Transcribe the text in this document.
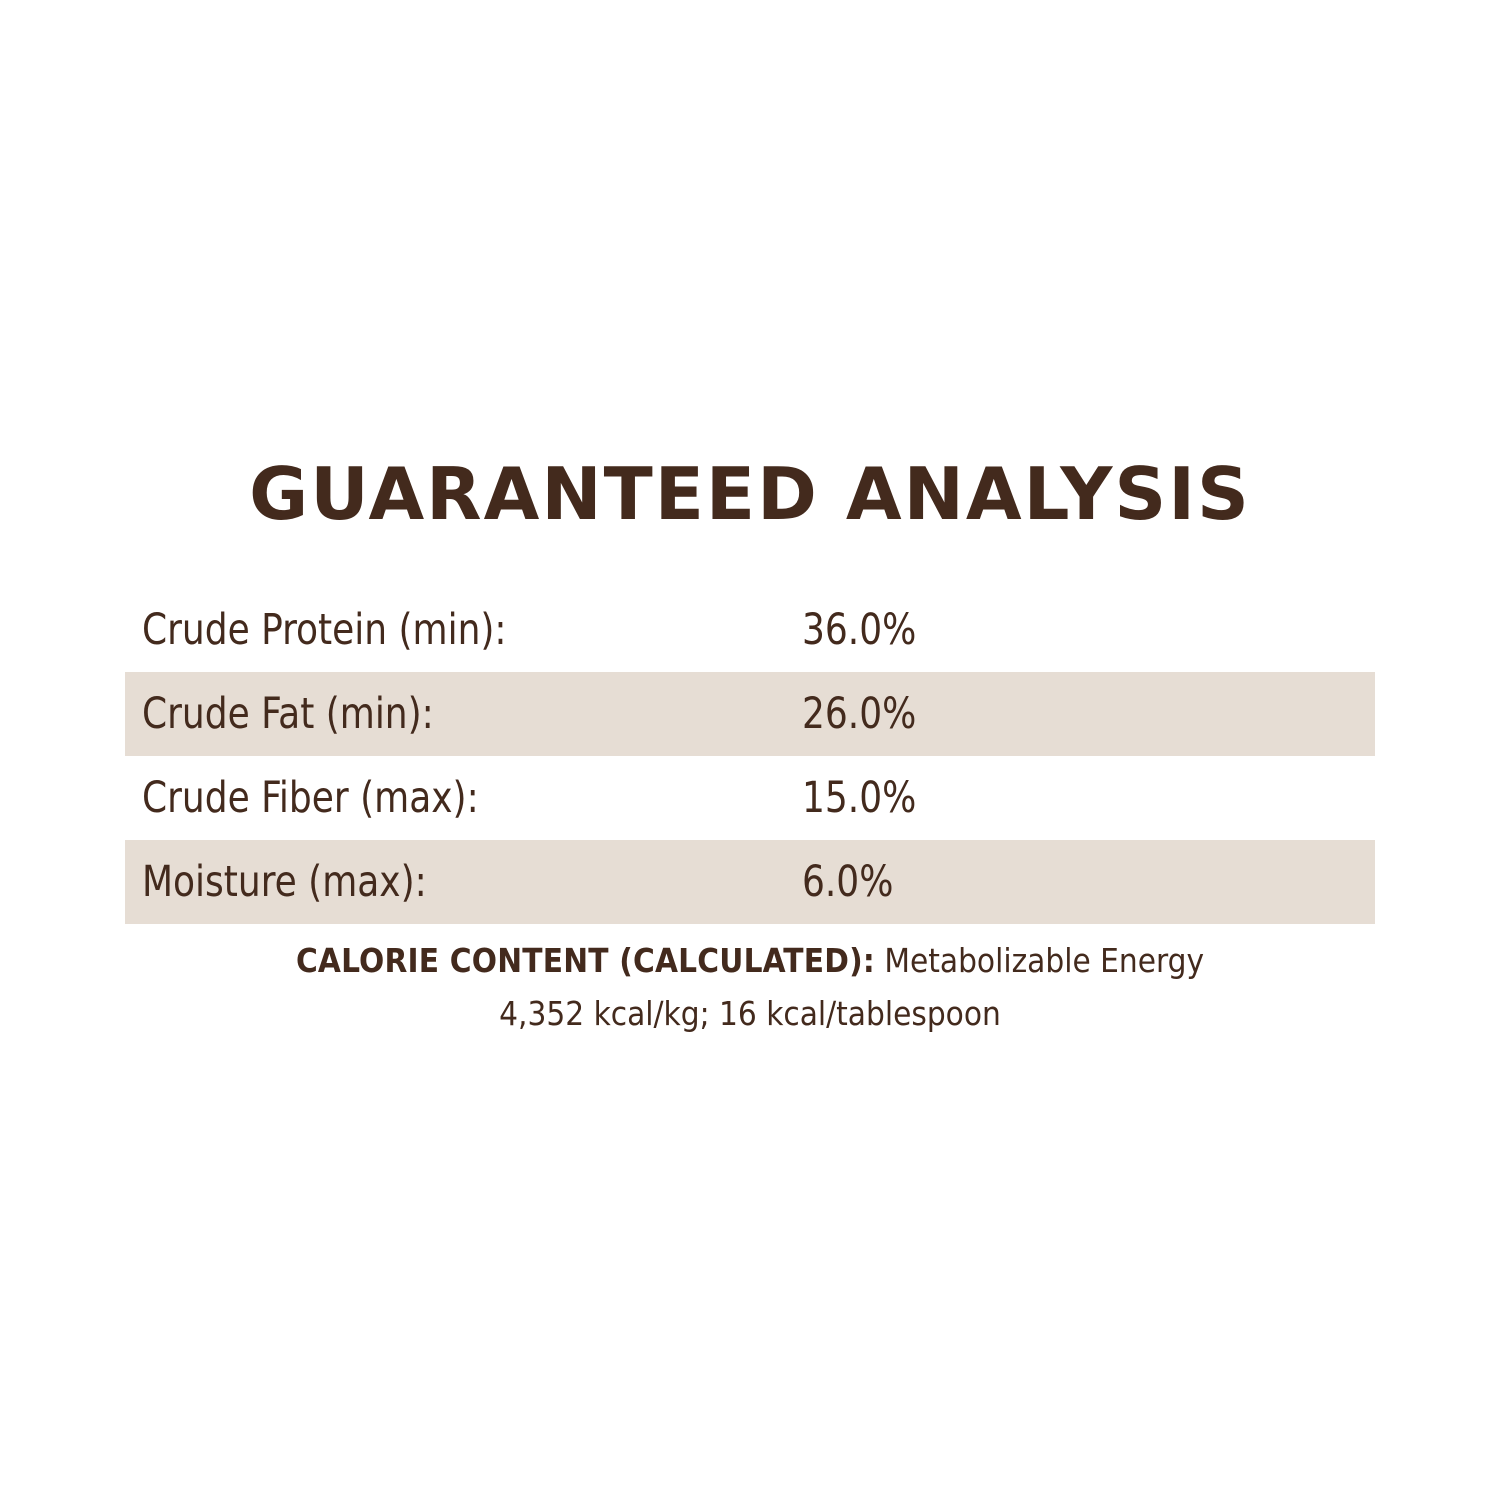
GUARANTEED ANALYSIS
Crude Protein (min):	36.0%
Crude Fat (min):	26.0%
Crude Fiber (max):	15.0%
Moisture (max):	6.0%
CALORIE CONTENT (CALCULATED): Metabolizable Energy
4,352 kcal/kg; 16 kcal/tablespoon
